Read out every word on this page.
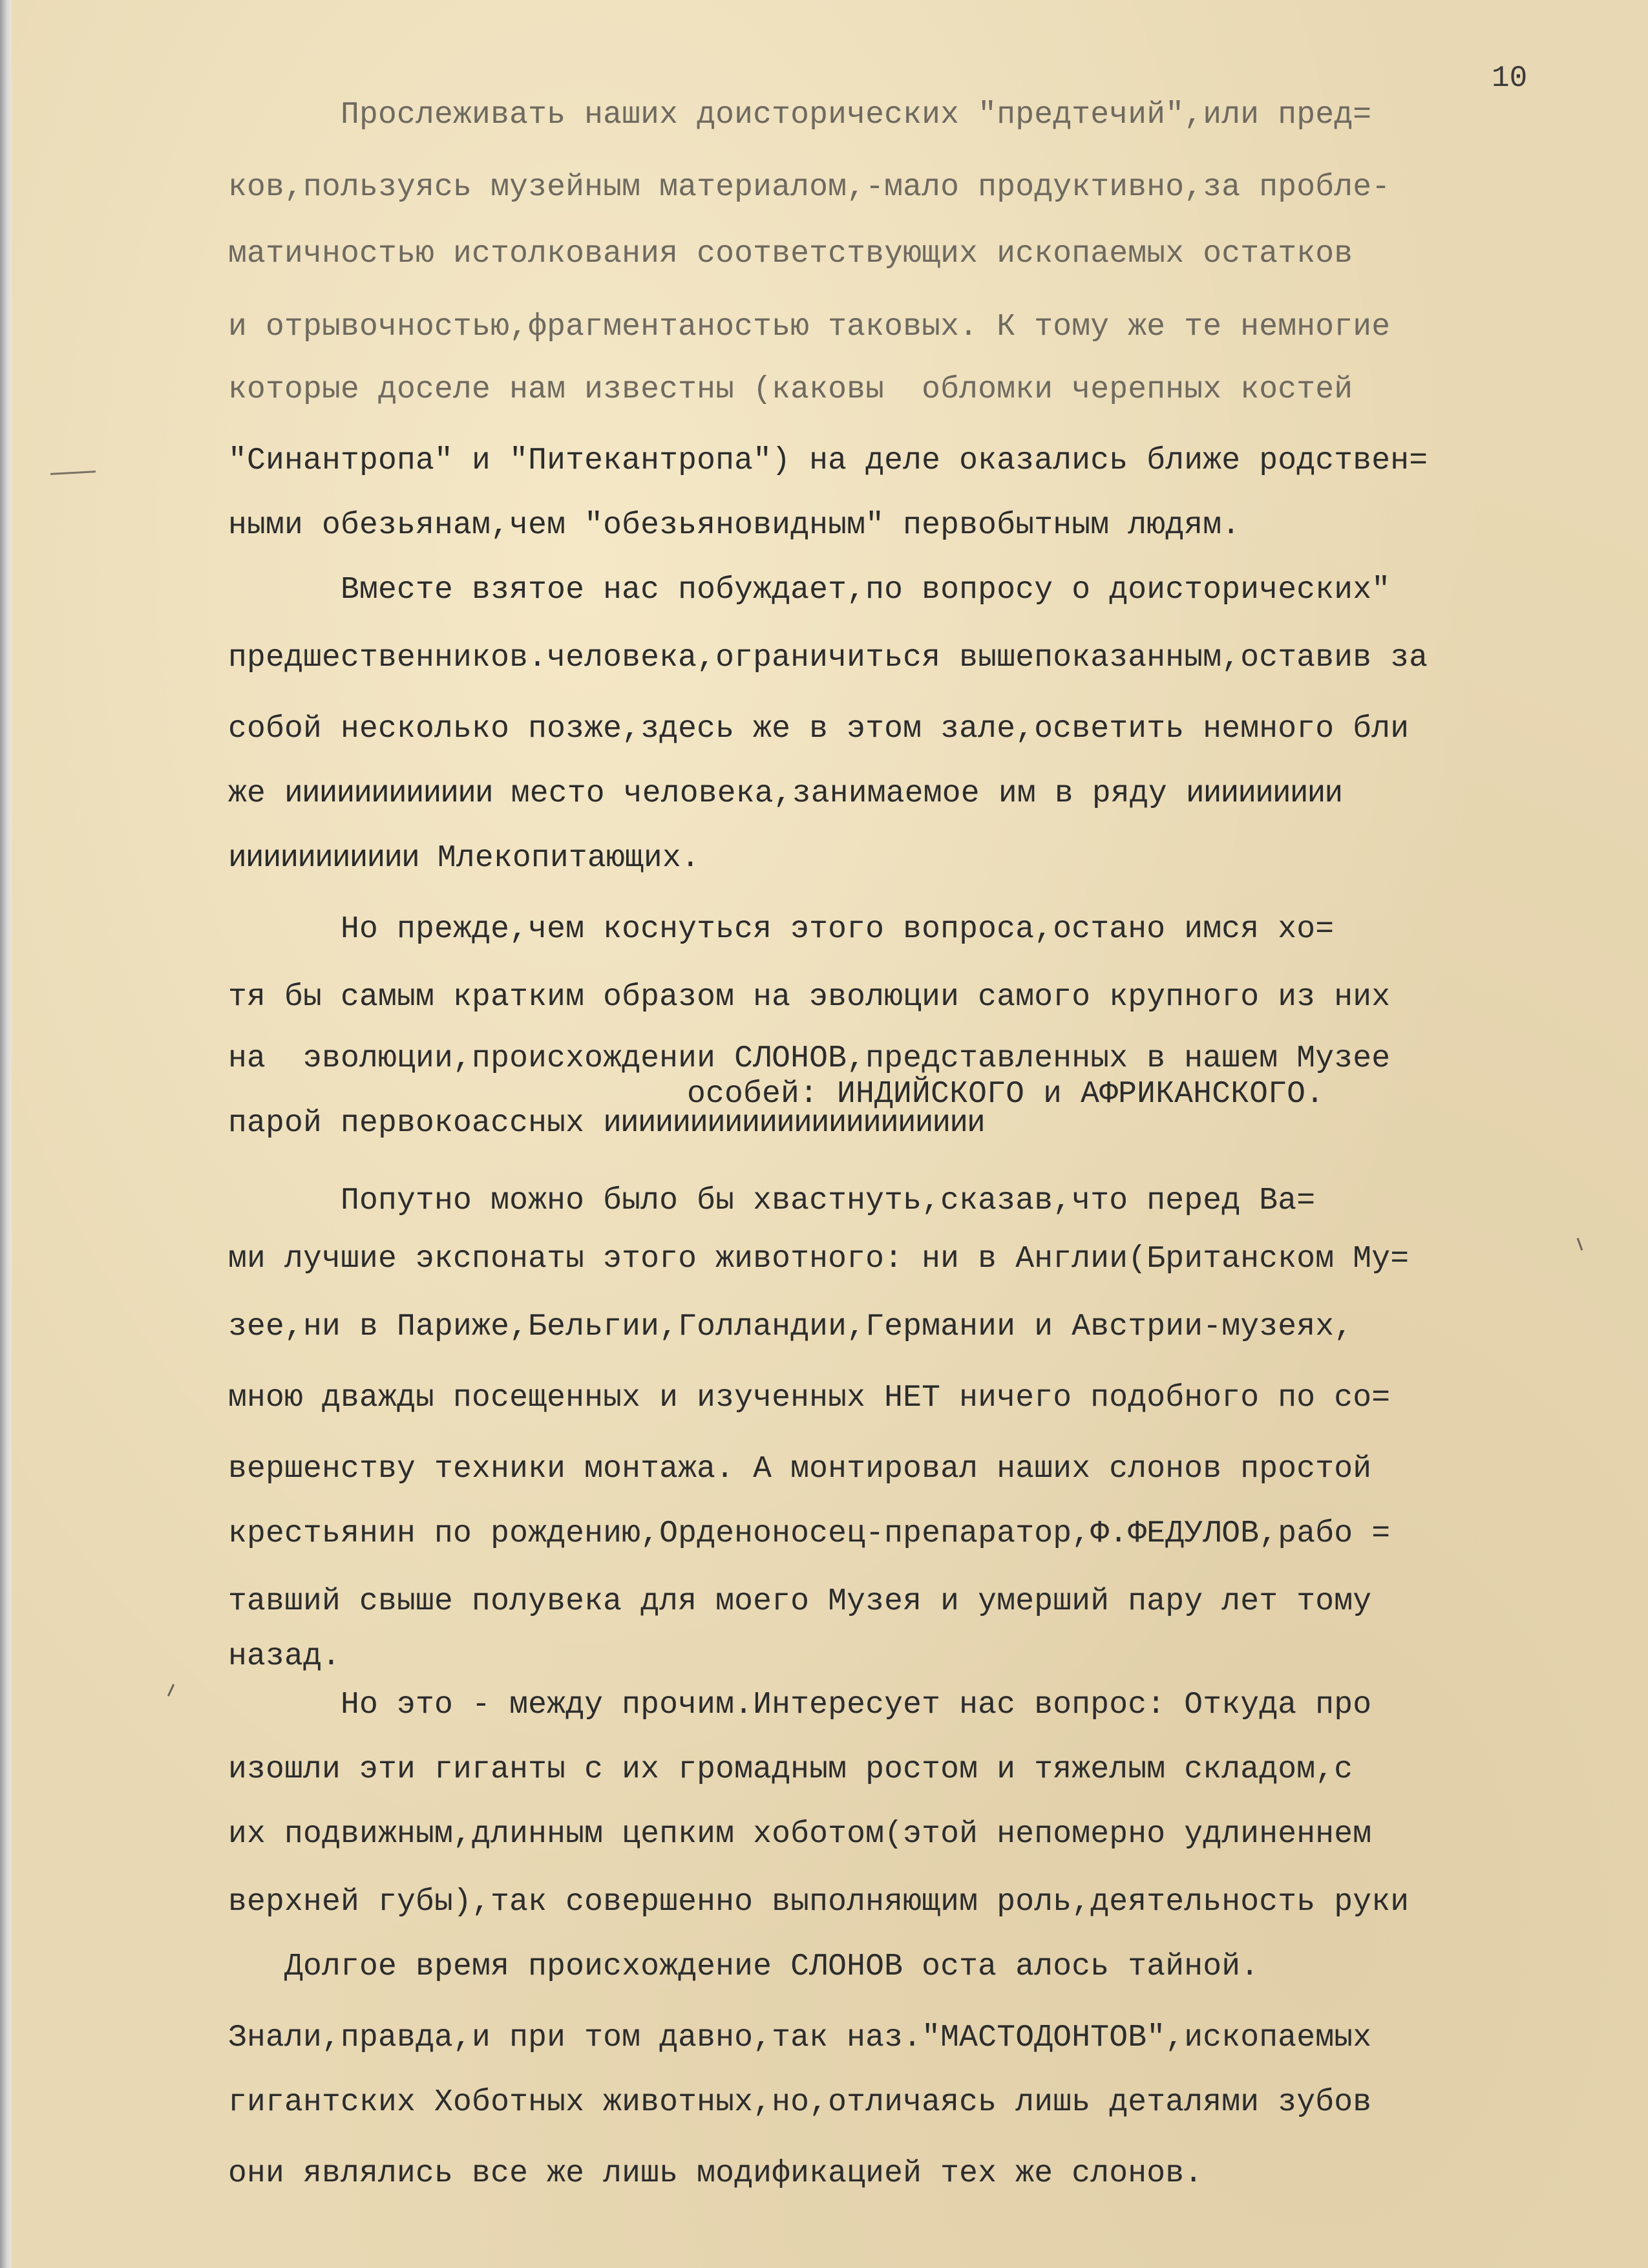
10
Прослеживать наших доисторических "предтечий",или пред=
ков,пользуясь музейным материалом,-мало продуктивно,за пробле-
матичностью истолкования соответствующих ископаемых остатков
и отрывочностью,фрагментаностью таковых. К тому же те немногие
которые доселе нам известны (каковы  обломки черепных костей
"Синантропа" и "Питекантропа") на деле оказались ближе родствен=
ными обезьянам,чем "обезьяновидным" первобытным людям.
Вместе взятое нас побуждает,по вопросу о доисторических"
предшественников.человека,ограничиться вышепоказанным,оставив за
собой несколько позже,здесь же в этом зале,осветить немного бли
же ииииииииииии место человека,занимаемое им в ряду иииииииии
иииииииииии Млекопитающих.
Но прежде,чем коснуться этого вопроса,остано имся хо=
тя бы самым кратким образом на эволюции самого крупного из них
на  эволюции,происхождении СЛОНОВ,представленных в нашем Музее
особей: ИНДИЙСКОГО и АФРИКАНСКОГО.
парой первокоассных ииииииииииииииииииииии
Попутно можно было бы хвастнуть,сказав,что перед Ва=
ми лучшие экспонаты этого животного: ни в Англии(Британском Му=
зее,ни в Париже,Бельгии,Голландии,Германии и Австрии-музеях,
мною дважды посещенных и изученных НЕТ ничего подобного по со=
вершенству техники монтажа. А монтировал наших слонов простой
крестьянин по рождению,Орденоносец-препаратор,Ф.ФЕДУЛОВ,рабо =
тавший свыше полувека для моего Музея и умерший пару лет тому
назад.
Но это - между прочим.Интересует нас вопрос: Откуда про
изошли эти гиганты с их громадным ростом и тяжелым складом,с
их подвижным,длинным цепким хоботом(этой непомерно удлиненнем
верхней губы),так совершенно выполняющим роль,деятельность руки
Долгое время происхождение СЛОНОВ оста алось тайной.
Знали,правда,и при том давно,так наз."МАСТОДОНТОВ",ископаемых
гигантских Хоботных животных,но,отличаясь лишь деталями зубов
они являлись все же лишь модификацией тех же слонов.
